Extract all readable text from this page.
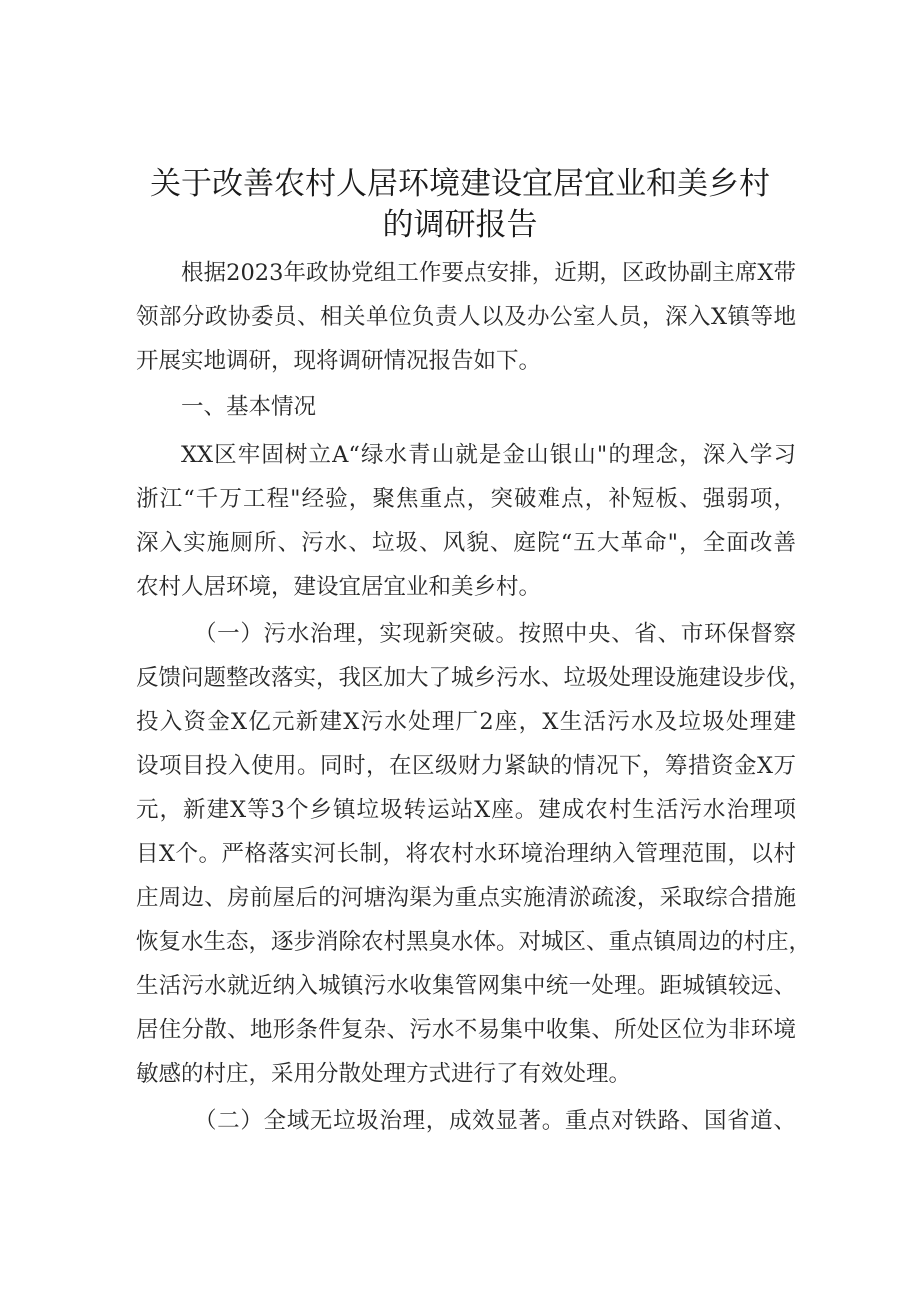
关于改善农村人居环境建设宜居宜业和美乡村
的调研报告
根据2023年政协党组工作要点安排，近期，区政协副主席X带
领部分政协委员、相关单位负责人以及办公室人员，深入X镇等地
开展实地调研，现将调研情况报告如下。
一、基本情况
XX区牢固树立A“绿水青山就是金山银山"的理念，深入学习
浙江“千万工程"经验，聚焦重点，突破难点，补短板、强弱项，
深入实施厕所、污水、垃圾、风貌、庭院“五大革命"，全面改善
农村人居环境，建设宜居宜业和美乡村。
（一）污水治理，实现新突破。按照中央、省、市环保督察
反馈问题整改落实，我区加大了城乡污水、垃圾处理设施建设步伐，
投入资金X亿元新建X污水处理厂2座，X生活污水及垃圾处理建
设项目投入使用。同时，在区级财力紧缺的情况下，筹措资金X万
元，新建X等3个乡镇垃圾转运站X座。建成农村生活污水治理项
目X个。严格落实河长制，将农村水环境治理纳入管理范围，以村
庄周边、房前屋后的河塘沟渠为重点实施清淤疏浚，采取综合措施
恢复水生态，逐步消除农村黑臭水体。对城区、重点镇周边的村庄，
生活污水就近纳入城镇污水收集管网集中统一处理。距城镇较远、
居住分散、地形条件复杂、污水不易集中收集、所处区位为非环境
敏感的村庄，采用分散处理方式进行了有效处理。
（二）全域无垃圾治理，成效显著。重点对铁路、国省道、
